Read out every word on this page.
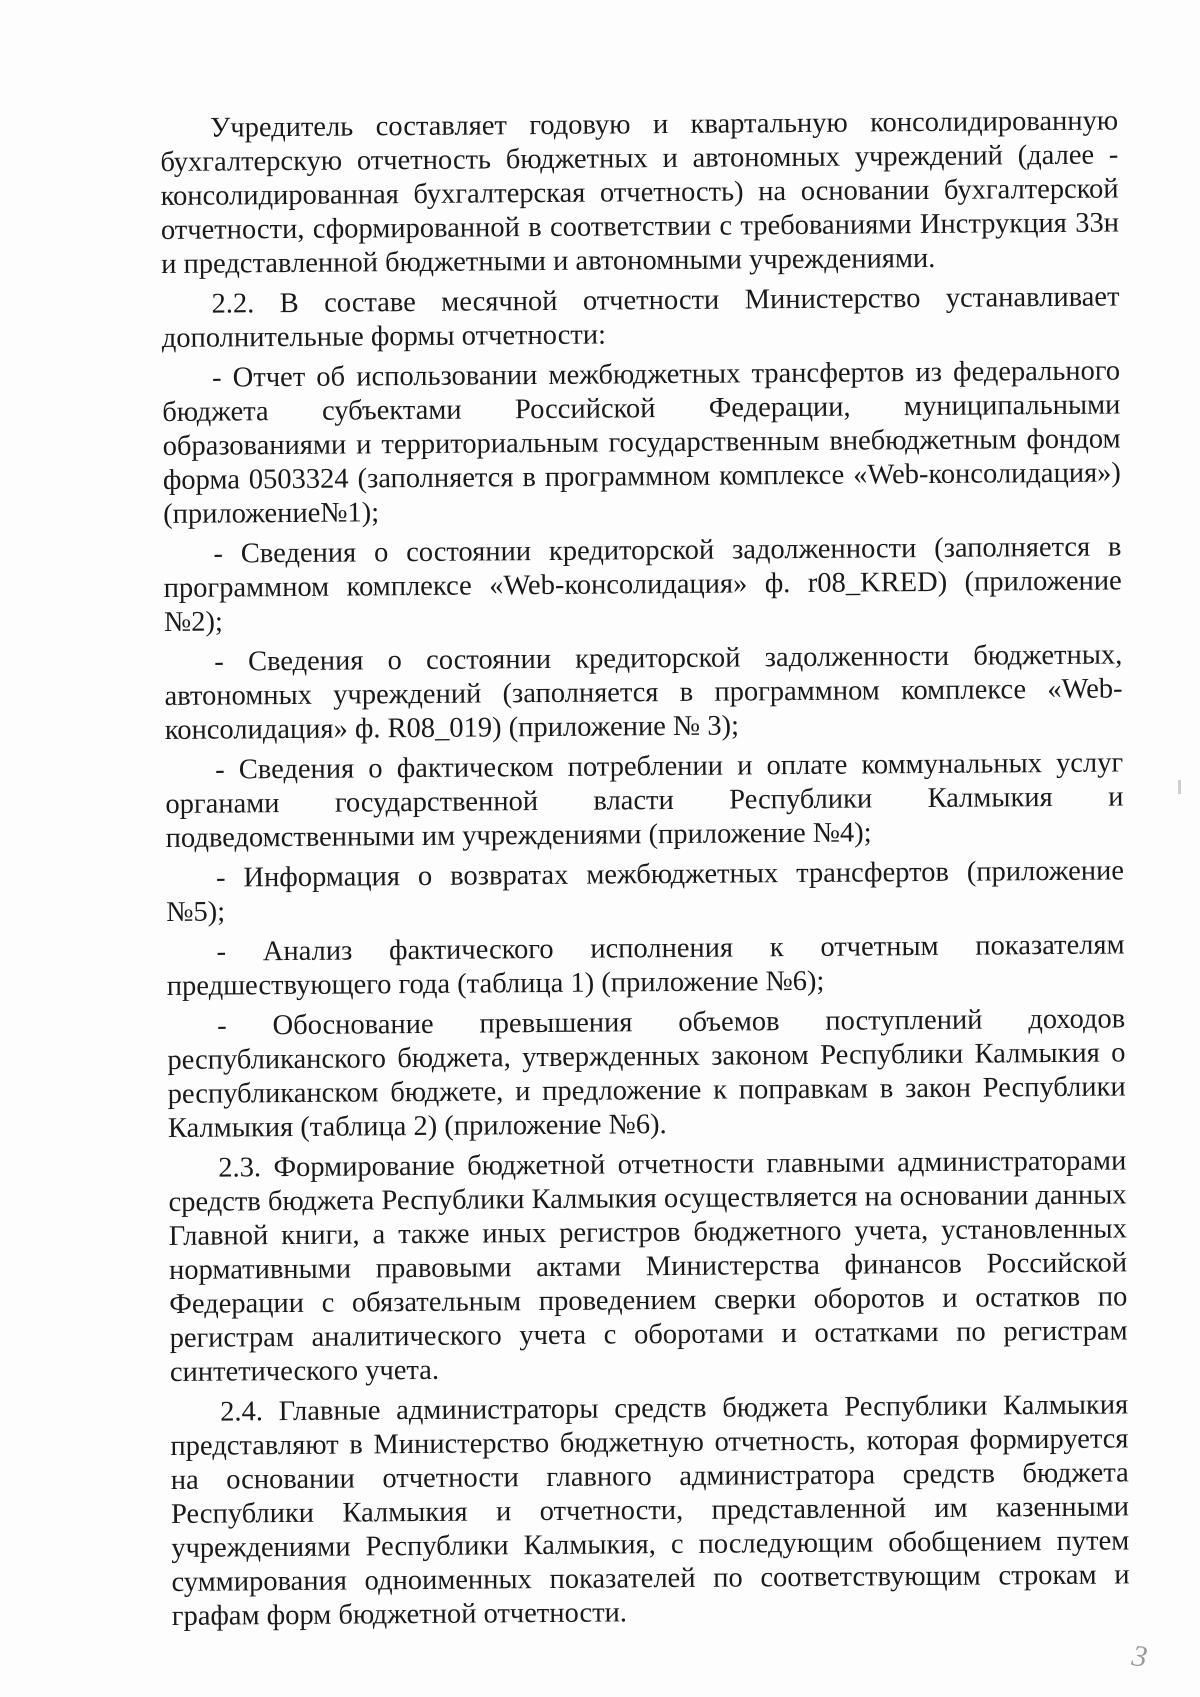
Учредитель составляет годовую и квартальную консолидированную бухгалтерскую отчетность бюджетных и автономных учреждений (далее - консолидированная бухгалтерская отчетность) на основании бухгалтерской отчетности, сформированной в соответствии с требованиями Инструкция 33н и представленной бюджетными и автономными учреждениями.

2.2. В составе месячной отчетности Министерство устанавливает дополнительные формы отчетности:

- Отчет об использовании межбюджетных трансфертов из федерального бюджета субъектами Российской Федерации, муниципальными образованиями и территориальным государственным внебюджетным фондом форма 0503324 (заполняется в программном комплексе «Web-консолидация») (приложение№1);

- Сведения о состоянии кредиторской задолженности (заполняется в программном комплексе «Web-консолидация» ф. r08_KRED) (приложение №2);

- Сведения о состоянии кредиторской задолженности бюджетных, автономных учреждений (заполняется в программном комплексе «Web-консолидация» ф. R08_019) (приложение № 3);

- Сведения о фактическом потреблении и оплате коммунальных услуг органами государственной власти Республики Калмыкия и подведомственными им учреждениями (приложение №4);

- Информация о возвратах межбюджетных трансфертов (приложение №5);

- Анализ фактического исполнения к отчетным показателям предшествующего года (таблица 1) (приложение №6);

- Обоснование превышения объемов поступлений доходов республиканского бюджета, утвержденных законом Республики Калмыкия о республиканском бюджете, и предложение к поправкам в закон Республики Калмыкия (таблица 2) (приложение №6).

2.3. Формирование бюджетной отчетности главными администраторами средств бюджета Республики Калмыкия осуществляется на основании данных Главной книги, а также иных регистров бюджетного учета, установленных нормативными правовыми актами Министерства финансов Российской Федерации с обязательным проведением сверки оборотов и остатков по регистрам аналитического учета с оборотами и остатками по регистрам синтетического учета.

2.4. Главные администраторы средств бюджета Республики Калмыкия представляют в Министерство бюджетную отчетность, которая формируется на основании отчетности главного администратора средств бюджета Республики Калмыкия и отчетности, представленной им казенными учреждениями Республики Калмыкия, с последующим обобщением путем суммирования одноименных показателей по соответствующим строкам и графам форм бюджетной отчетности.

3
